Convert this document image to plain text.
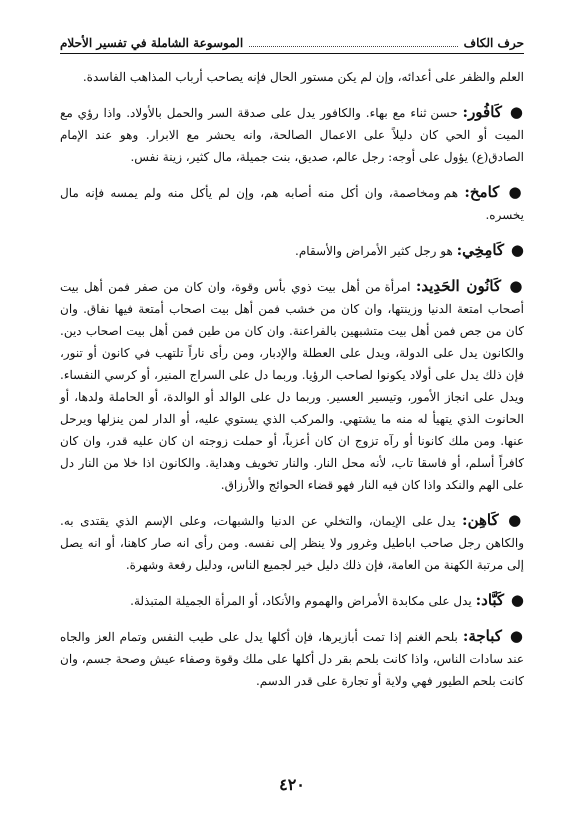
حرف الكاف
الموسوعة الشاملة في تفسير الأحلام

العلم والظفر على أعدائه، وإن لم يكن مستور الحال فإنه يصاحب أرباب المذاهب الفاسدة.

● كَافُور: حسن ثناء مع بهاء. والكافور يدل على صدقة السر والحمل بالأولاد. واذا رؤي مع الميت أو الحي كان دليلاً على الاعمال الصالحة، وانه يحشر مع الابرار. وهو عند الإمام الصادق(ع) يؤول على أوجه: رجل عالم، صديق، بنت جميلة، مال كثير، زينة نفس.

● كامخ: هم ومخاصمة، وان أكل منه أصابه هم، وإن لم يأكل منه ولم يمسه فإنه مال يخسره.

● كَامِخِي: هو رجل كثير الأمراض والأسقام.

● كَانُون الحَدِيد: امرأة من أهل بيت ذوي بأس وقوة، وان كان من صفر فمن أهل بيت أصحاب امتعة الدنيا وزينتها، وان كان من خشب فمن أهل بيت اصحاب أمتعة فيها نفاق. وان كان من جص فمن أهل بيت متشبهين بالفراعنة. وان كان من طين فمن أهل بيت اصحاب دين. والكانون يدل على الدولة، ويدل على العطلة والإدبار، ومن رأى ناراً تلتهب في كانون أو تنور، فإن ذلك يدل على أولاد يكونوا لصاحب الرؤيا. وربما دل على السراج المنير، أو كرسي النفساء. ويدل على انجاز الأمور، وتيسير العسير. وربما دل على الوالد أو الوالدة، أو الحاملة ولدها، أو الحانوت الذي يتهيأ له منه ما يشتهي. والمركب الذي يستوي عليه، أو الدار لمن ينزلها ويرحل عنها. ومن ملك كانونا أو رآه تزوج ان كان أعزباً، أو حملت زوجته ان كان عليه قدر، وان كان كافراً أسلم، أو فاسقا تاب، لأنه محل النار. والنار تخويف وهداية. والكانون اذا خلا من النار دل على الهم والنكد واذا كان فيه النار فهو قضاء الحوائج والأرزاق.

● كَاهِن: يدل على الإيمان، والتخلي عن الدنيا والشبهات، وعلى الإسم الذي يقتدى به. والكاهن رجل صاحب اباطيل وغرور ولا ينظر إلى نفسه. ومن رأى انه صار كاهنا، أو انه يصل إلى مرتبة الكهنة من العامة، فإن ذلك دليل خير لجميع الناس، ودليل رفعة وشهرة.

● كَبَّاد: يدل على مكابدة الأمراض والهموم والأنكاد، أو المرأة الجميلة المتبذلة.

● كباجة: بلحم الغنم إذا تمت أبازيرها، فإن أكلها يدل على طيب النفس وتمام العز والجاه عند سادات الناس، واذا كانت بلحم بقر دل أكلها على ملك وقوة وصفاء عيش وصحة جسم، وان كانت بلحم الطيور فهي ولاية أو تجارة على قدر الدسم.

٤٢٠
